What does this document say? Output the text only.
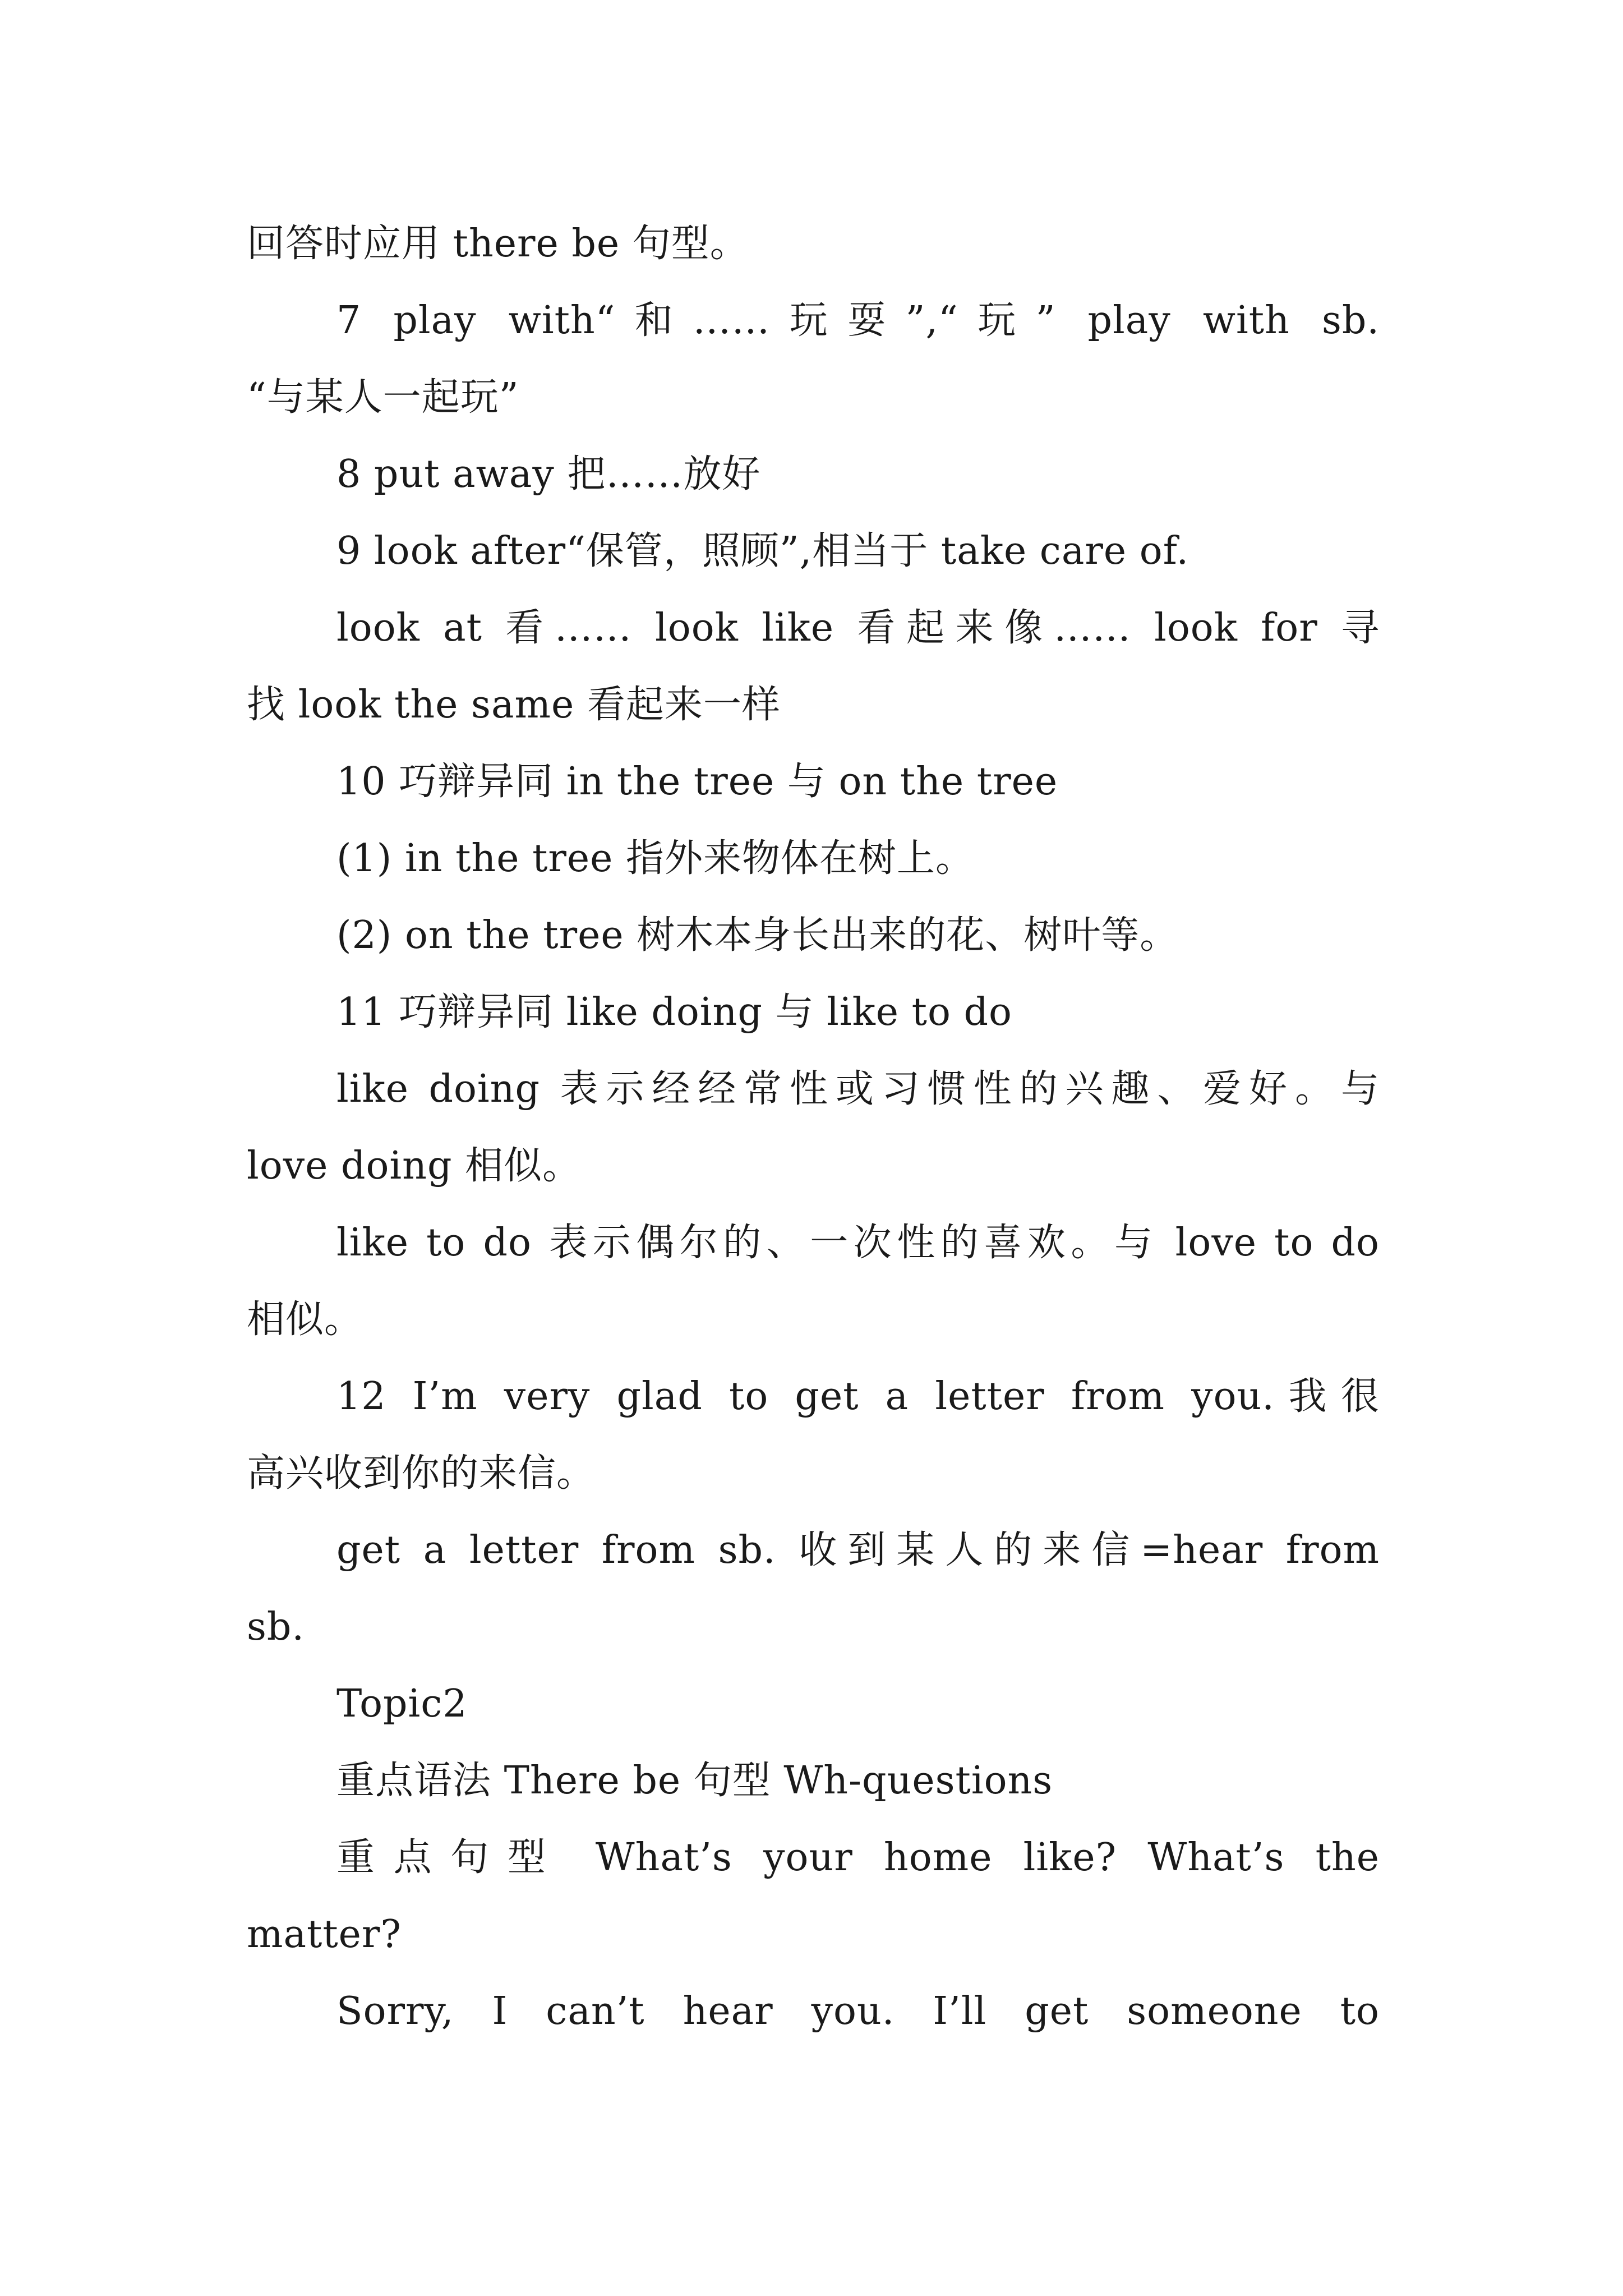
回答时应用 there be 句型。
7 play with“和……玩耍”,“玩” play with sb.
“与某人一起玩”
8 put away 把……放好
9 look after“保管，照顾”,相当于 take care of.
look at 看…… look like 看起来像…… look for 寻
找 look the same 看起来一样
10 巧辩异同 in the tree 与 on the tree
(1) in the tree 指外来物体在树上。
(2) on the tree 树木本身长出来的花、树叶等。
11 巧辩异同 like doing 与 like to do
like doing 表示经经常性或习惯性的兴趣、爱好。与
love doing 相似。
like to do 表示偶尔的、一次性的喜欢。与 love to do
相似。
12 I’m very glad to get a letter from you.我很
高兴收到你的来信。
get a letter from sb. 收到某人的来信=hear from
sb.
Topic2
重点语法 There be 句型 Wh-questions
重点句型 What’s your home like? What’s the
matter?
Sorry, I can’t hear you. I’ll get someone to
